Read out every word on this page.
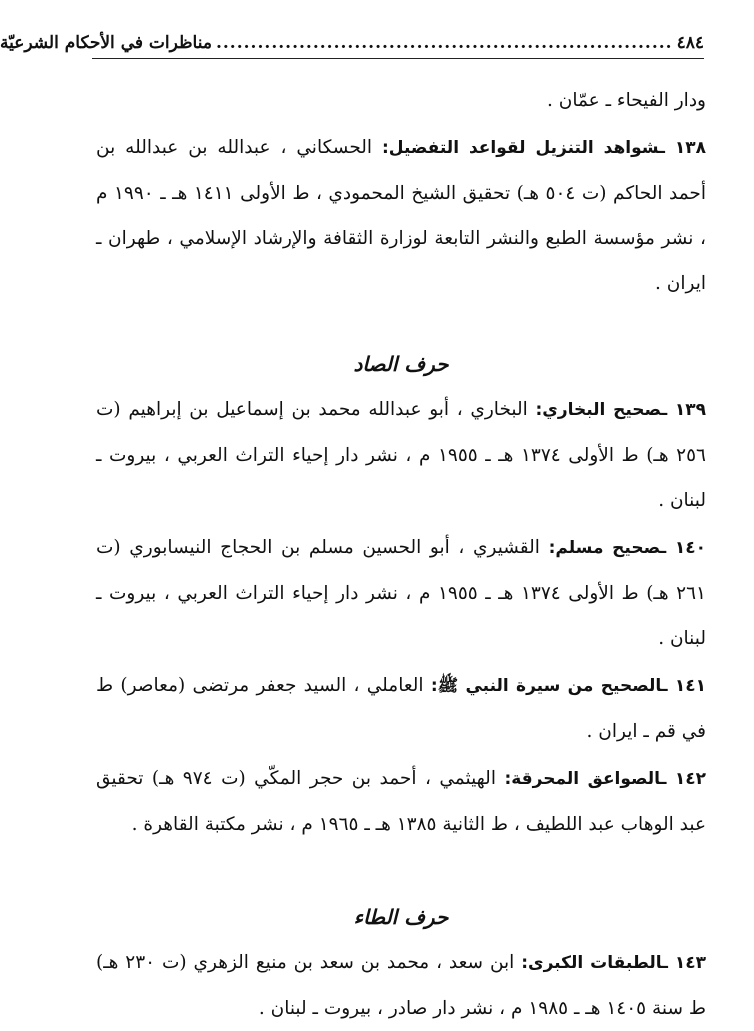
٤٨٤
..................................................................
مناظرات في الأحكام الشرعيّة

ودار الفيحاء ـ عمّان .

١٣٨ ـشواهد التنزيل لقواعد التفضيل: الحسكاني ، عبدالله بن عبدالله بن أحمد الحاكم (ت ٥٠٤ هـ) تحقيق الشيخ المحمودي ، ط الأولى ١٤١١ هـ ـ ١٩٩٠ م ، نشر مؤسسة الطبع والنشر التابعة لوزارة الثقافة والإرشاد الإسلامي ، طهران ـ ايران .

حرف الصاد

١٣٩ ـصحيح البخاري: البخاري ، أبو عبدالله محمد بن إسماعيل بن إبراهيم (ت ٢٥٦ هـ) ط الأولى ١٣٧٤ هـ ـ ١٩٥٥ م ، نشر دار إحياء التراث العربي ، بيروت ـ لبنان .

١٤٠ ـصحيح مسلم: القشيري ، أبو الحسين مسلم بن الحجاج النيسابوري (ت ٢٦١ هـ) ط الأولى ١٣٧٤ هـ ـ ١٩٥٥ م ، نشر دار إحياء التراث العربي ، بيروت ـ لبنان .

١٤١ ـالصحيح من سيرة النبي ﷺ: العاملي ، السيد جعفر مرتضى (معاصر) ط في قم ـ ايران .

١٤٢ ـالصواعق المحرقة: الهيثمي ، أحمد بن حجر المكّي (ت ٩٧٤ هـ) تحقيق عبد الوهاب عبد اللطيف ، ط الثانية ١٣٨٥ هـ ـ ١٩٦٥ م ، نشر مكتبة القاهرة .

حرف الطاء

١٤٣ ـالطبقات الكبرى: ابن سعد ، محمد بن سعد بن منيع الزهري (ت ٢٣٠ هـ) ط سنة ١٤٠٥ هـ ـ ١٩٨٥ م ، نشر دار صادر ، بيروت ـ لبنان .
